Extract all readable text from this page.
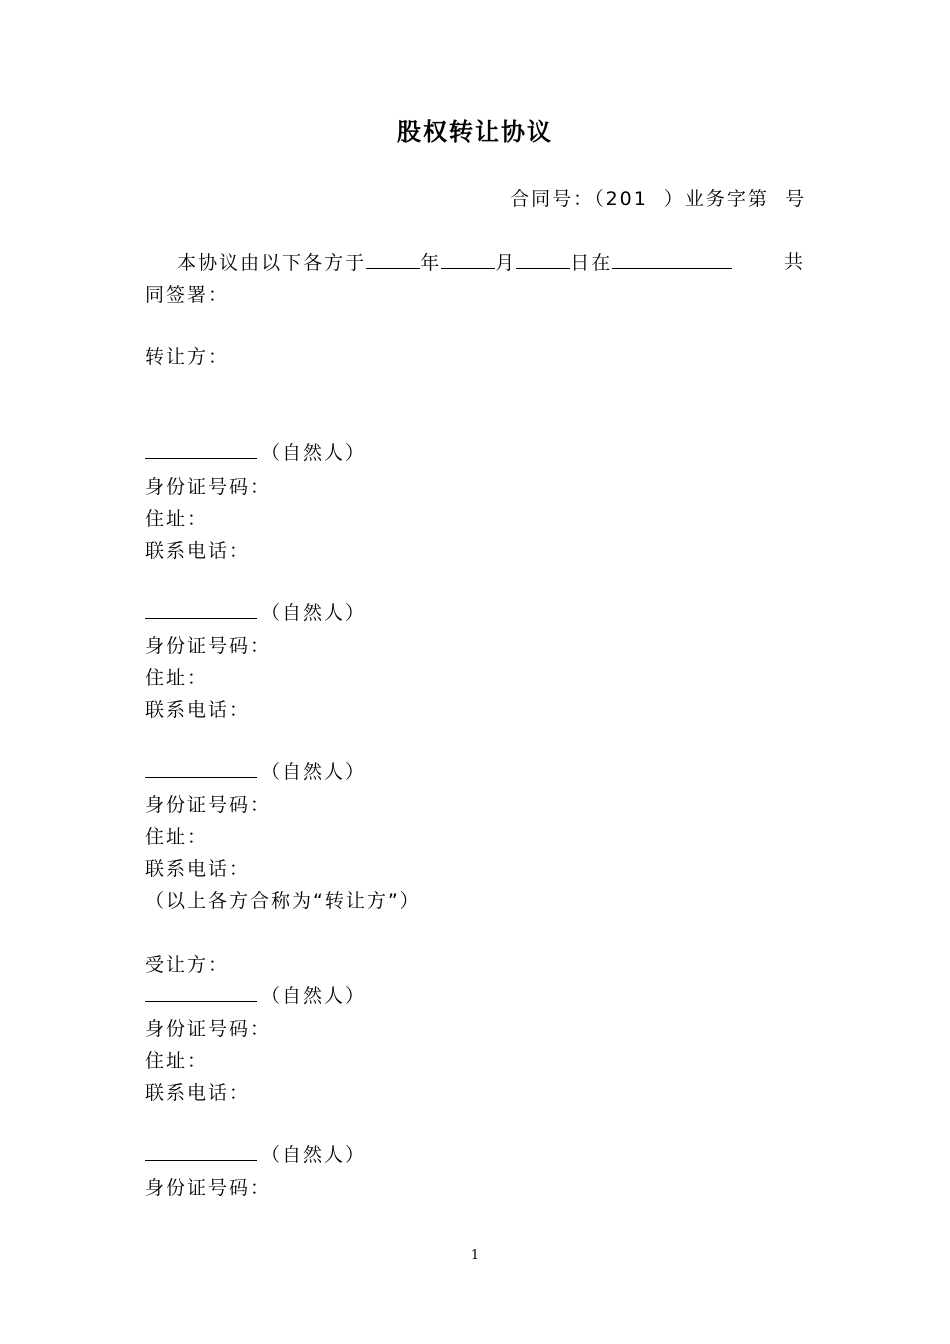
股权转让协议
合同号：（201  ）业务字第  号
本协议由以下各方于	年	月	日在	共
同签署：
转让方：
（自然人）
身份证号码：
住址：
联系电话：
（自然人）
身份证号码：
住址：
联系电话：
（自然人）
身份证号码：
住址：
联系电话：
（以上各方合称为“转让方”）
受让方：
（自然人）
身份证号码：
住址：
联系电话：
（自然人）
身份证号码：
1
